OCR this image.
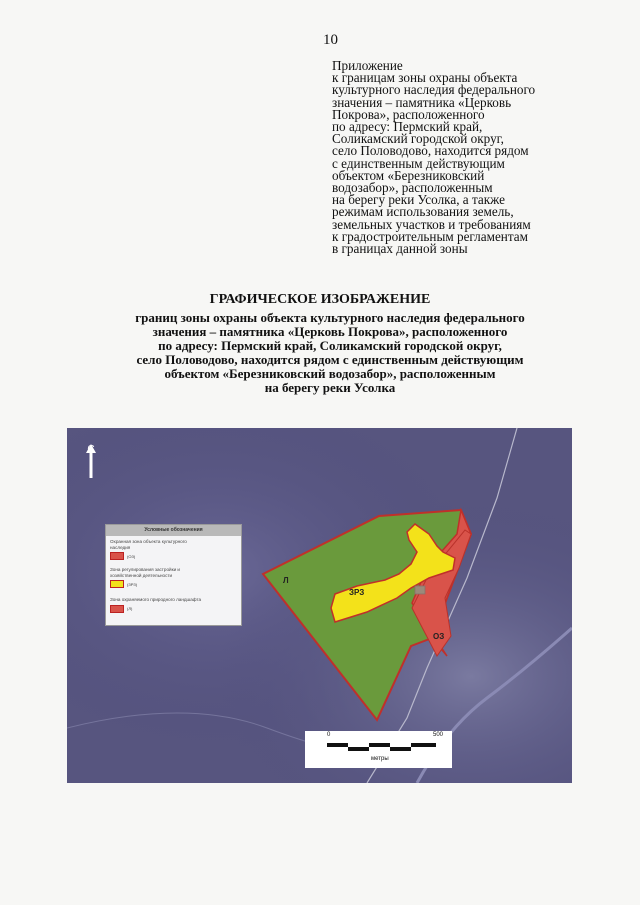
10
Приложение
к границам зоны охраны объекта
культурного наследия федерального
значения – памятника «Церковь
Покрова», расположенного
по адресу: Пермский край,
Соликамский городской округ,
село Половодово, находится рядом
с единственным действующим
объектом «Березниковский
водозабор», расположенным
на берегу реки Усолка, а также
режимам использования земель,
земельных участков и требованиям
к градостроительным регламентам
в границах данной зоны
ГРАФИЧЕСКОЕ ИЗОБРАЖЕНИЕ
границ зоны охраны объекта культурного наследия федерального
значения – памятника «Церковь Покрова», расположенного
по адресу: Пермский край, Соликамский городской округ,
село Половодово, находится рядом с единственным действующим
объектом «Березниковский водозабор», расположенным
на берегу реки Усолка
Условные обозначения
Охранная зона объекта культурного
наследия
(ОЗ)
Зона регулирования застройки и
хозяйственной деятельности
(ЗРЗ)
Зона охраняемого природного ландшафта
(Л)
Л
ЗРЗ
ОЗ
0	500
метры
